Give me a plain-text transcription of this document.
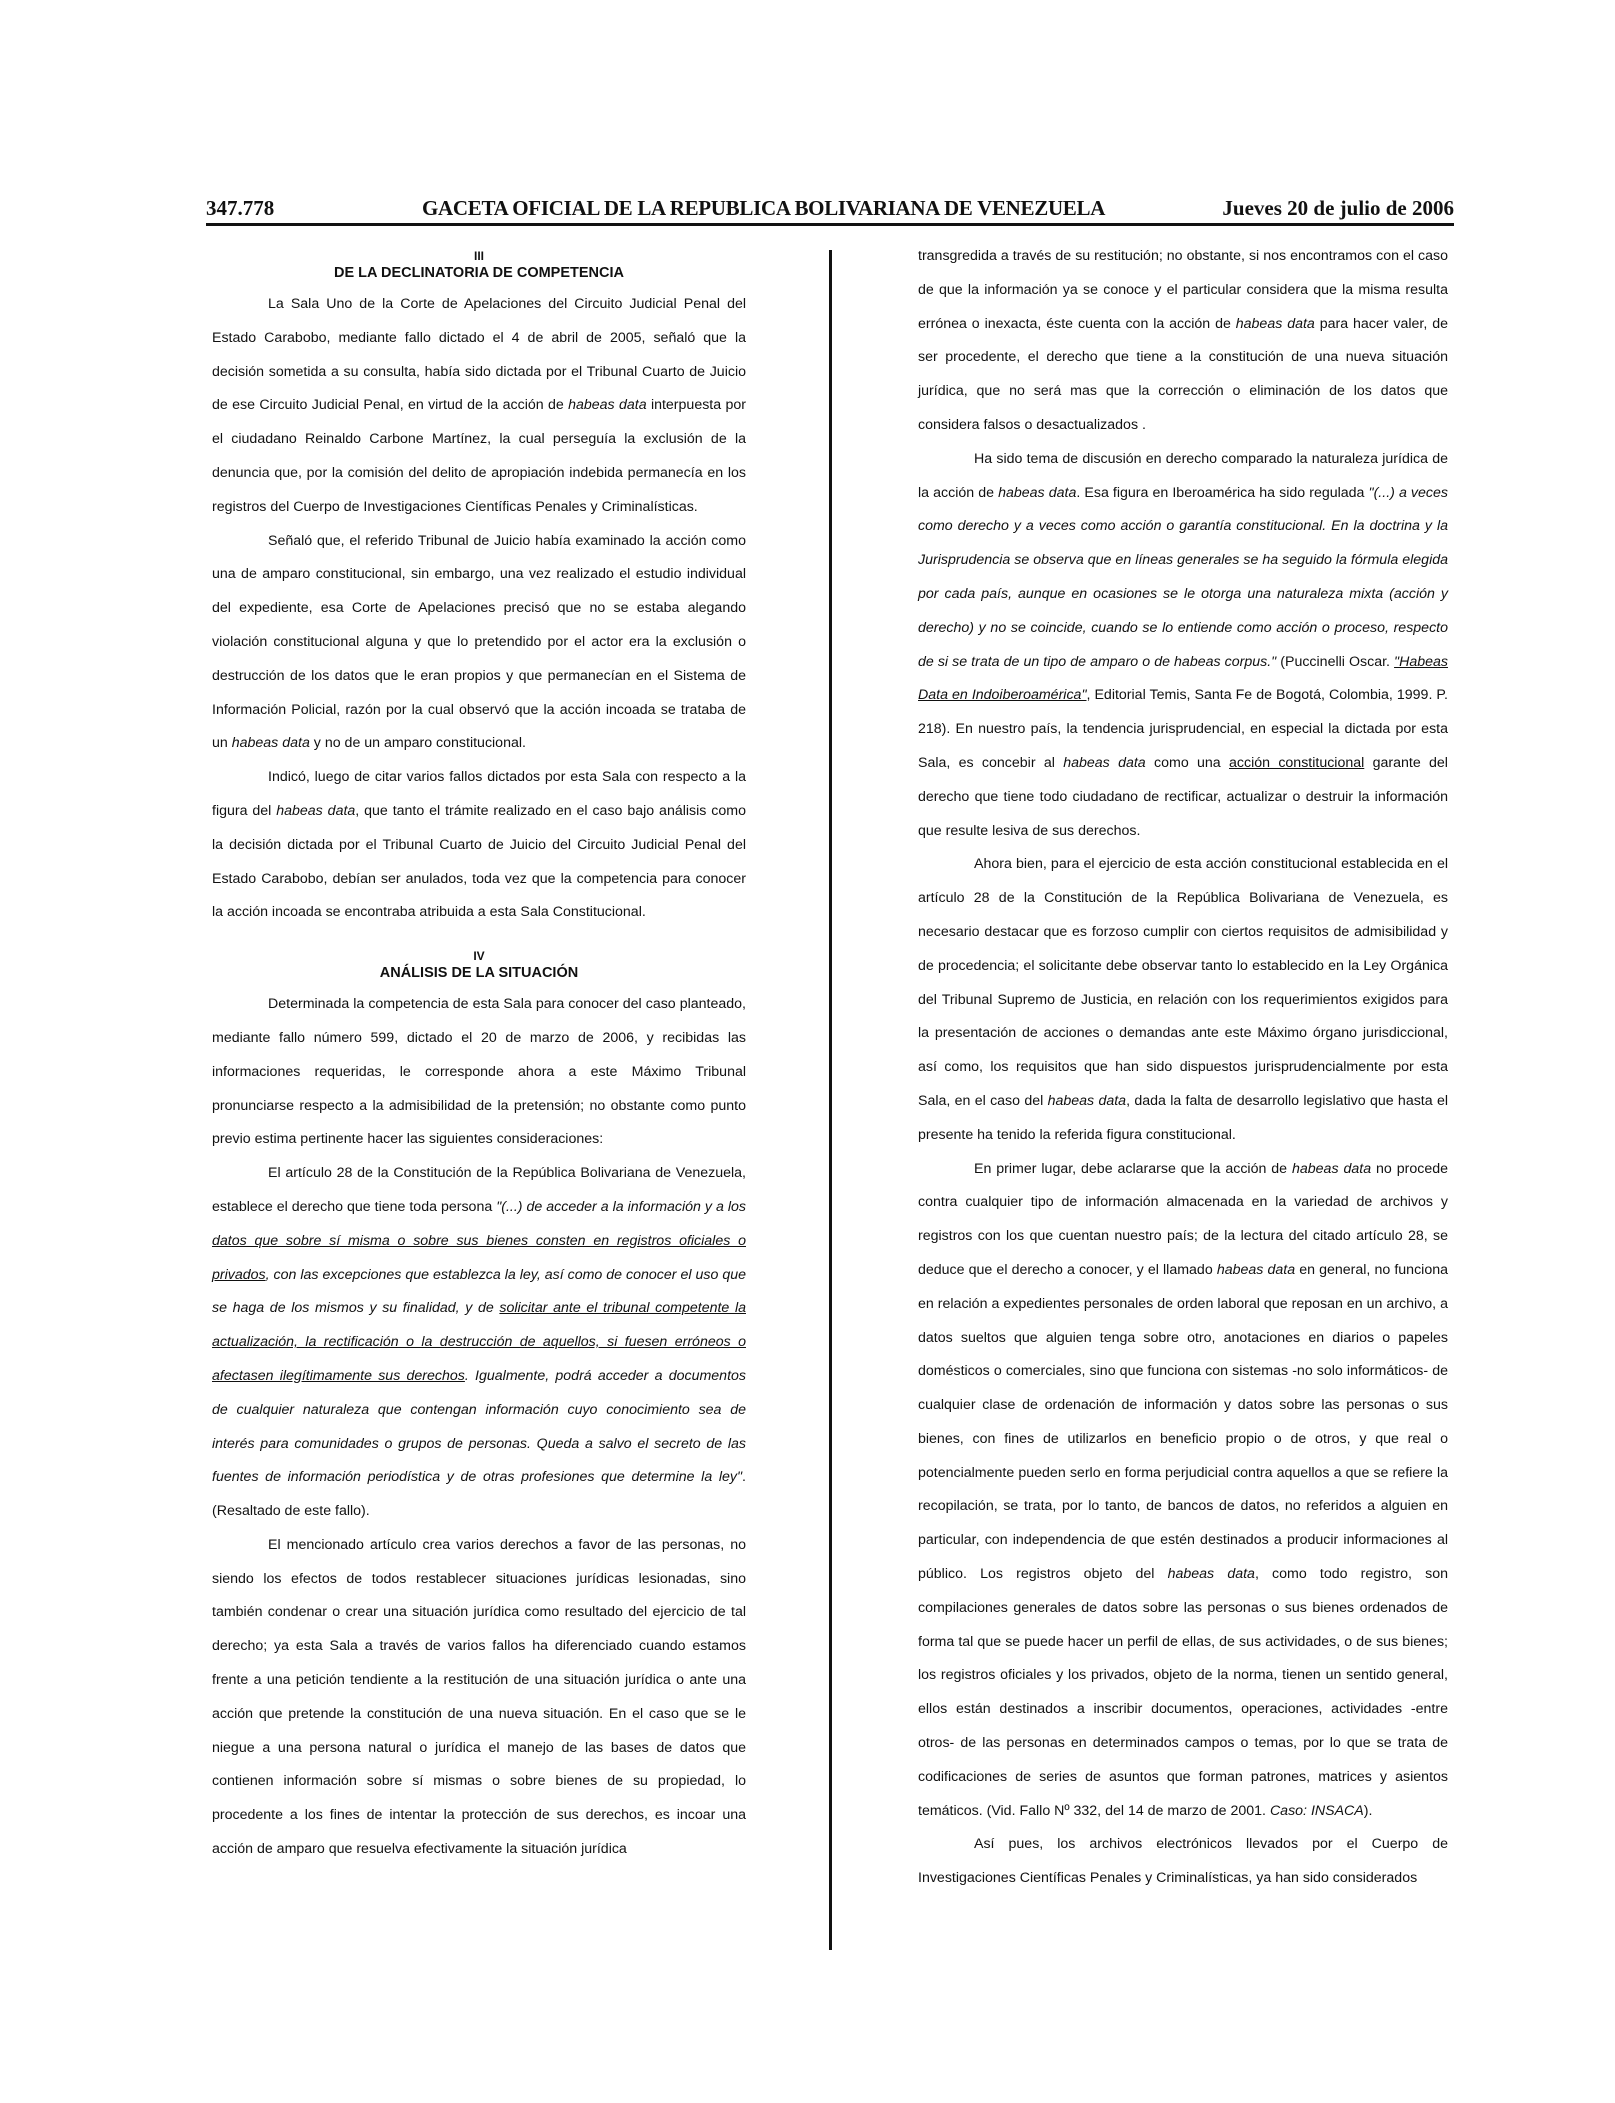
347.778	GACETA OFICIAL DE LA REPUBLICA BOLIVARIANA DE VENEZUELA	Jueves 20 de julio de 2006
III
DE LA DECLINATORIA DE COMPETENCIA

La Sala Uno de la Corte de Apelaciones del Circuito Judicial Penal del Estado Carabobo, mediante fallo dictado el 4 de abril de 2005, señaló que la decisión sometida a su consulta, había sido dictada por el Tribunal Cuarto de Juicio de ese Circuito Judicial Penal, en virtud de la acción de habeas data interpuesta por el ciudadano Reinaldo Carbone Martínez, la cual perseguía la exclusión de la denuncia que, por la comisión del delito de apropiación indebida permanecía en los registros del Cuerpo de Investigaciones Científicas Penales y Criminalísticas.

Señaló que, el referido Tribunal de Juicio había examinado la acción como una de amparo constitucional, sin embargo, una vez realizado el estudio individual del expediente, esa Corte de Apelaciones precisó que no se estaba alegando violación constitucional alguna y que lo pretendido por el actor era la exclusión o destrucción de los datos que le eran propios y que permanecían en el Sistema de Información Policial, razón por la cual observó que la acción incoada se trataba de un habeas data y no de un amparo constitucional.

Indicó, luego de citar varios fallos dictados por esta Sala con respecto a la figura del habeas data, que tanto el trámite realizado en el caso bajo análisis como la decisión dictada por el Tribunal Cuarto de Juicio del Circuito Judicial Penal del Estado Carabobo, debían ser anulados, toda vez que la competencia para conocer la acción incoada se encontraba atribuida a esta Sala Constitucional.

IV
ANÁLISIS DE LA SITUACIÓN

Determinada la competencia de esta Sala para conocer del caso planteado, mediante fallo número 599, dictado el 20 de marzo de 2006, y recibidas las informaciones requeridas, le corresponde ahora a este Máximo Tribunal pronunciarse respecto a la admisibilidad de la pretensión; no obstante como punto previo estima pertinente hacer las siguientes consideraciones:

El artículo 28 de la Constitución de la República Bolivariana de Venezuela, establece el derecho que tiene toda persona "(...) de acceder a la información y a los datos que sobre sí misma o sobre sus bienes consten en registros oficiales o privados, con las excepciones que establezca la ley, así como de conocer el uso que se haga de los mismos y su finalidad, y de solicitar ante el tribunal competente la actualización, la rectificación o la destrucción de aquellos, si fuesen erróneos o afectasen ilegítimamente sus derechos. Igualmente, podrá acceder a documentos de cualquier naturaleza que contengan información cuyo conocimiento sea de interés para comunidades o grupos de personas. Queda a salvo el secreto de las fuentes de información periodística y de otras profesiones que determine la ley".(Resaltado de este fallo).

El mencionado artículo crea varios derechos a favor de las personas, no siendo los efectos de todos restablecer situaciones jurídicas lesionadas, sino también condenar o crear una situación jurídica como resultado del ejercicio de tal derecho; ya esta Sala a través de varios fallos ha diferenciado cuando estamos frente a una petición tendiente a la restitución de una situación jurídica o ante una acción que pretende la constitución de una nueva situación. En el caso que se le niegue a una persona natural o jurídica el manejo de las bases de datos que contienen información sobre sí mismas o sobre bienes de su propiedad, lo procedente a los fines de intentar la protección de sus derechos, es incoar una acción de amparo que resuelva efectivamente la situación jurídica

transgredida a través de su restitución; no obstante, si nos encontramos con el caso de que la información ya se conoce y el particular considera que la misma resulta errónea o inexacta, éste cuenta con la acción de habeas data para hacer valer, de ser procedente, el derecho que tiene a la constitución de una nueva situación jurídica, que no será mas que la corrección o eliminación de los datos que considera falsos o desactualizados .

Ha sido tema de discusión en derecho comparado la naturaleza jurídica de la acción de habeas data. Esa figura en Iberoamérica ha sido regulada "(...) a veces como derecho y a veces como acción o garantía constitucional. En la doctrina y la Jurisprudencia se observa que en líneas generales se ha seguido la fórmula elegida por cada país, aunque en ocasiones se le otorga una naturaleza mixta (acción y derecho) y no se coincide, cuando se lo entiende como acción o proceso, respecto de si se trata de un tipo de amparo o de habeas corpus." (Puccinelli Oscar. "Habeas Data en Indoiberoamérica", Editorial Temis, Santa Fe de Bogotá, Colombia, 1999. P. 218). En nuestro país, la tendencia jurisprudencial, en especial la dictada por esta Sala, es concebir al habeas data como una acción constitucional garante del derecho que tiene todo ciudadano de rectificar, actualizar o destruir la información que resulte lesiva de sus derechos.

Ahora bien, para el ejercicio de esta acción constitucional establecida en el artículo 28 de la Constitución de la República Bolivariana de Venezuela, es necesario destacar que es forzoso cumplir con ciertos requisitos de admisibilidad y de procedencia; el solicitante debe observar tanto lo establecido en la Ley Orgánica del Tribunal Supremo de Justicia, en relación con los requerimientos exigidos para la presentación de acciones o demandas ante este Máximo órgano jurisdiccional, así como, los requisitos que han sido dispuestos jurisprudencialmente por esta Sala, en el caso del habeas data, dada la falta de desarrollo legislativo que hasta el presente ha tenido la referida figura constitucional.

En primer lugar, debe aclararse que la acción de habeas data no procede contra cualquier tipo de información almacenada en la variedad de archivos y registros con los que cuentan nuestro país; de la lectura del citado artículo 28, se deduce que el derecho a conocer, y el llamado habeas data en general, no funciona en relación a expedientes personales de orden laboral que reposan en un archivo, a datos sueltos que alguien tenga sobre otro, anotaciones en diarios o papeles domésticos o comerciales, sino que funciona con sistemas -no solo informáticos- de cualquier clase de ordenación de información y datos sobre las personas o sus bienes, con fines de utilizarlos en beneficio propio o de otros, y que real o potencialmente pueden serlo en forma perjudicial contra aquellos a que se refiere la recopilación, se trata, por lo tanto, de bancos de datos, no referidos a alguien en particular, con independencia de que estén destinados a producir informaciones al público. Los registros objeto del habeas data, como todo registro, son compilaciones generales de datos sobre las personas o sus bienes ordenados de forma tal que se puede hacer un perfil de ellas, de sus actividades, o de sus bienes; los registros oficiales y los privados, objeto de la norma, tienen un sentido general, ellos están destinados a inscribir documentos, operaciones, actividades -entre otros- de las personas en determinados campos o temas, por lo que se trata de codificaciones de series de asuntos que forman patrones, matrices y asientos temáticos. (Vid. Fallo Nº 332, del 14 de marzo de 2001. Caso: INSACA).

Así pues, los archivos electrónicos llevados por el Cuerpo de Investigaciones Científicas Penales y Criminalísticas, ya han sido considerados
